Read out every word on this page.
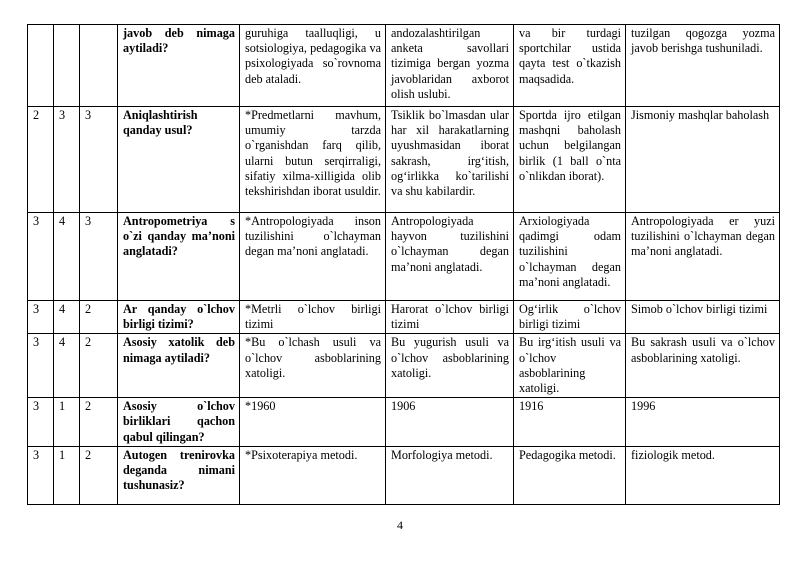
			javob deb nimaga aytiladi?	guruhiga taalluqligi, u sotsiologiya, pedagogika va psixologiyada so`rovnoma deb ataladi.	andozalashtirilgan anketa savollari tizimiga bergan yozma javoblaridan axborot olish uslubi.	va bir turdagi sportchilar ustida qayta test o`tkazish maqsadida.	tuzilgan qogozga yozma javob berishga tushuniladi.
2	3	3	Aniqlashtirish qanday usul?	*Predmetlarni mavhum, umumiy tarzda o`rganishdan farq qilib, ularni butun serqirraligi, sifatiy xilma-xilligida olib tekshirishdan iborat usuldir.	Tsiklik bo`lmasdan ular har xil harakatlarning uyushmasidan iborat sakrash, irg‘itish, og‘irlikka ko`tarilishi va shu kabilardir.	Sportda ijro etilgan mashqni baholash uchun belgilangan birlik (1 ball o`nta o`nlikdan iborat).	Jismoniy mashqlar baholash
3	4	3	Antropometriya s o`zi qanday ma’noni anglatadi?	*Antropologiyada inson tuzilishini o`lchayman degan ma’noni anglatadi.	Antropologiyada hayvon tuzilishini o`lchayman degan ma’noni anglatadi.	Arxiologiyada qadimgi odam tuzilishini o`lchayman degan ma’noni anglatadi.	Antropologiyada er yuzi tuzilishini o`lchayman degan ma’noni anglatadi.
3	4	2	Ar qanday o`lchov birligi tizimi?	*Metrli o`lchov birligi tizimi	Harorat o`lchov birligi tizimi	Og‘irlik o`lchov birligi tizimi	Simob o`lchov birligi tizimi
3	4	2	Asosiy xatolik deb nimaga aytiladi?	*Bu o`lchash usuli va o`lchov asboblarining xatoligi.	Bu yugurish usuli va o`lchov asboblarining xatoligi.	Bu irg‘itish usuli va o`lchov asboblarining xatoligi.	Bu sakrash usuli va o`lchov asboblarining xatoligi.
3	1	2	Asosiy o`lchov birliklari qachon qabul qilingan?	*1960	1906	1916	1996
3	1	2	Autogen trenirovka deganda nimani tushunasiz?	*Psixoterapiya metodi.	Morfologiya metodi.	Pedagogika metodi.	fiziologik metod.
4
